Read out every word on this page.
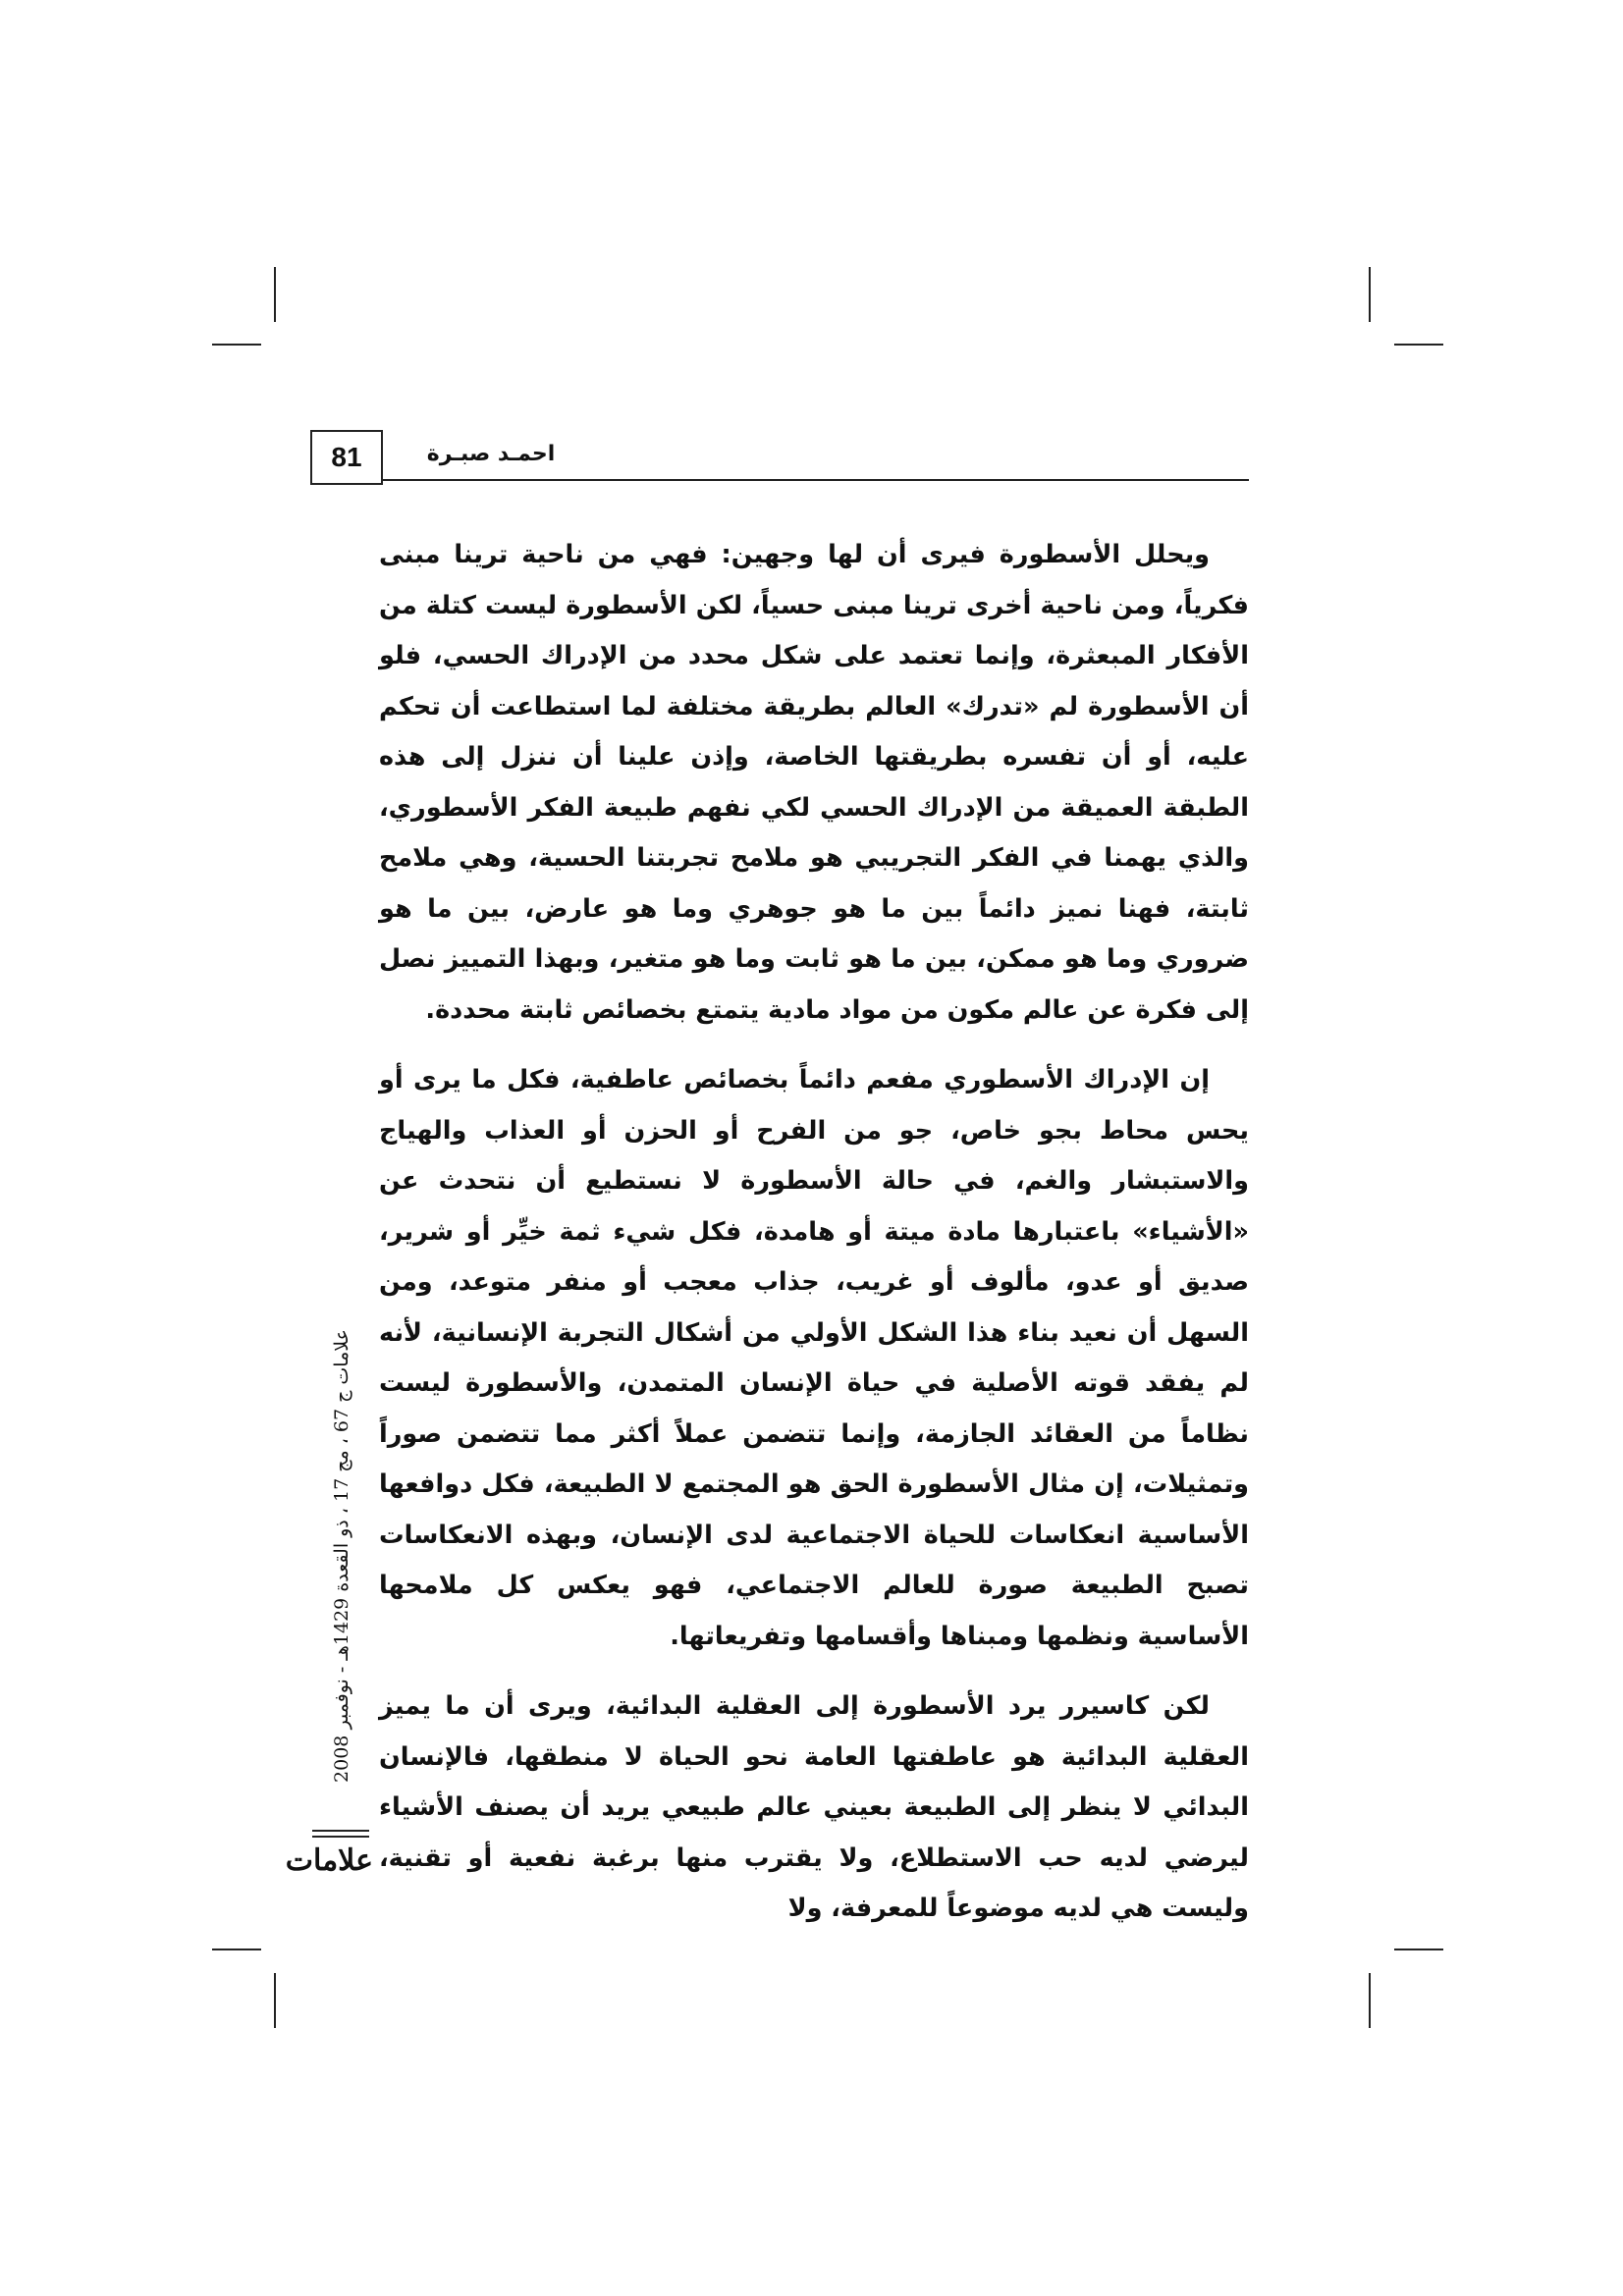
81	احمـد صبـرة

ويحلل الأسطورة فيرى أن لها وجهين: فهي من ناحية ترينا مبنى فكرياً، ومن ناحية أخرى ترينا مبنى حسياً، لكن الأسطورة ليست كتلة من الأفكار المبعثرة، وإنما تعتمد على شكل محدد من الإدراك الحسي، فلو أن الأسطورة لم «تدرك» العالم بطريقة مختلفة لما استطاعت أن تحكم عليه، أو أن تفسره بطريقتها الخاصة، وإذن علينا أن ننزل إلى هذه الطبقة العميقة من الإدراك الحسي لكي نفهم طبيعة الفكر الأسطوري، والذي يهمنا في الفكر التجريبي هو ملامح تجربتنا الحسية، وهي ملامح ثابتة، فهنا نميز دائماً بين ما هو جوهري وما هو عارض، بين ما هو ضروري وما هو ممكن، بين ما هو ثابت وما هو متغير، وبهذا التمييز نصل إلى فكرة عن عالم مكون من مواد مادية يتمتع بخصائص ثابتة محددة.

إن الإدراك الأسطوري مفعم دائماً بخصائص عاطفية، فكل ما يرى أو يحس محاط بجو خاص، جو من الفرح أو الحزن أو العذاب والهياج والاستبشار والغم، في حالة الأسطورة لا نستطيع أن نتحدث عن «الأشياء» باعتبارها مادة ميتة أو هامدة، فكل شيء ثمة خيِّر أو شرير، صديق أو عدو، مألوف أو غريب، جذاب معجب أو منفر متوعد، ومن السهل أن نعيد بناء هذا الشكل الأولي من أشكال التجربة الإنسانية، لأنه لم يفقد قوته الأصلية في حياة الإنسان المتمدن، والأسطورة ليست نظاماً من العقائد الجازمة، وإنما تتضمن عملاً أكثر مما تتضمن صوراً وتمثيلات، إن مثال الأسطورة الحق هو المجتمع لا الطبيعة، فكل دوافعها الأساسية انعكاسات للحياة الاجتماعية لدى الإنسان، وبهذه الانعكاسات تصبح الطبيعة صورة للعالم الاجتماعي، فهو يعكس كل ملامحها الأساسية ونظمها ومبناها وأقسامها وتفريعاتها.

لكن كاسيرر يرد الأسطورة إلى العقلية البدائية، ويرى أن ما يميز العقلية البدائية هو عاطفتها العامة نحو الحياة لا منطقها، فالإنسان البدائي لا ينظر إلى الطبيعة بعيني عالم طبيعي يريد أن يصنف الأشياء ليرضي لديه حب الاستطلاع، ولا يقترب منها برغبة نفعية أو تقنية، وليست هي لديه موضوعاً للمعرفة، ولا

علامات ج 67 ، مج 17 ، ذو القعدة 1429هـ - نوفمبر 2008
علامات
